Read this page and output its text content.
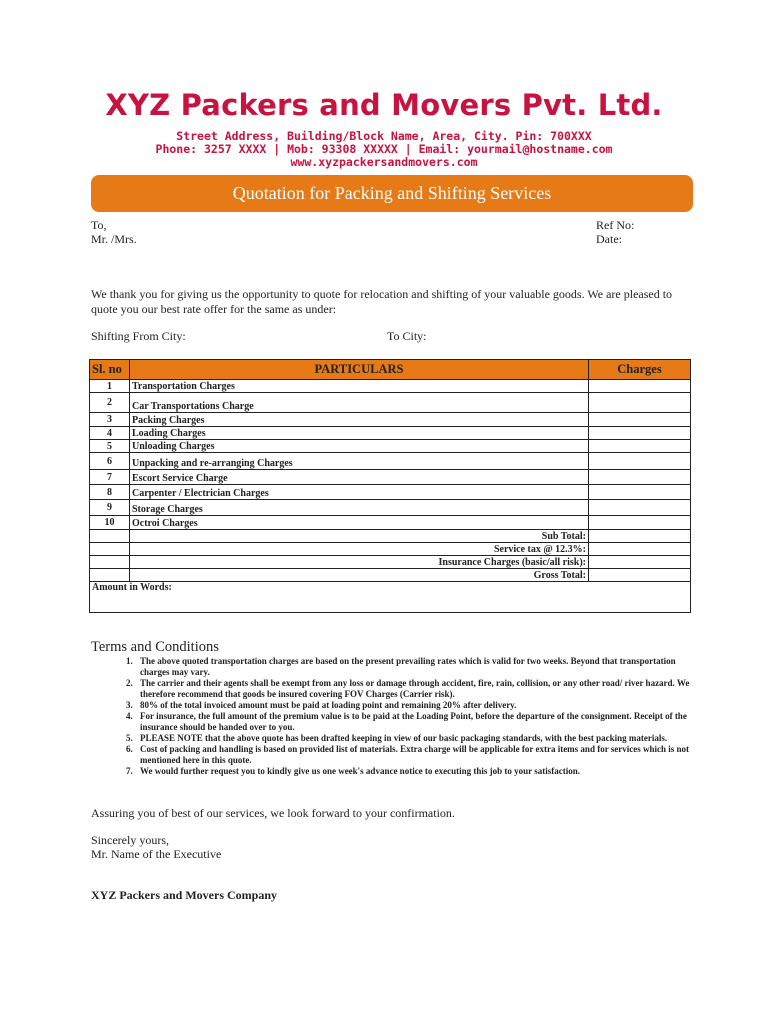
XYZ Packers and Movers Pvt. Ltd.
Street Address, Building/Block Name, Area, City. Pin: 700XXX
Phone: 3257 XXXX | Mob: 93308 XXXXX | Email: yourmail@hostname.com
www.xyzpackersandmovers.com
Quotation for Packing and Shifting Services
To,
Mr. /Mrs.
Ref No:
Date:
We thank you for giving us the opportunity to quote for relocation and shifting of your valuable goods. We are pleased to quote you our best rate offer for the same as under:
Shifting From City:	To City:
Sl. no	PARTICULARS	Charges
1	Transportation Charges	
2	Car Transportations Charge	
3	Packing Charges	
4	Loading Charges	
5	Unloading Charges	
6	Unpacking and re-arranging Charges	
7	Escort Service Charge	
8	Carpenter / Electrician Charges	
9	Storage Charges	
10	Octroi Charges	
	Sub Total:	
	Service tax @ 12.3%:	
	Insurance Charges (basic/all risk):	
	Gross Total:	
Amount in Words:		
Terms and Conditions
1. The above quoted transportation charges are based on the present prevailing rates which is valid for two weeks. Beyond that transportation charges may vary.
2. The carrier and their agents shall be exempt from any loss or damage through accident, fire, rain, collision, or any other road/ river hazard. We therefore recommend that goods be insured covering FOV Charges (Carrier risk).
3. 80% of the total invoiced amount must be paid at loading point and remaining 20% after delivery.
4. For insurance, the full amount of the premium value is to be paid at the Loading Point, before the departure of the consignment. Receipt of the insurance should be handed over to you.
5. PLEASE NOTE that the above quote has been drafted keeping in view of our basic packaging standards, with the best packing materials.
6. Cost of packing and handling is based on provided list of materials. Extra charge will be applicable for extra items and for services which is not mentioned here in this quote.
7. We would further request you to kindly give us one week's advance notice to executing this job to your satisfaction.
Assuring you of best of our services, we look forward to your confirmation.
Sincerely yours,
Mr. Name of the Executive
XYZ Packers and Movers Company
